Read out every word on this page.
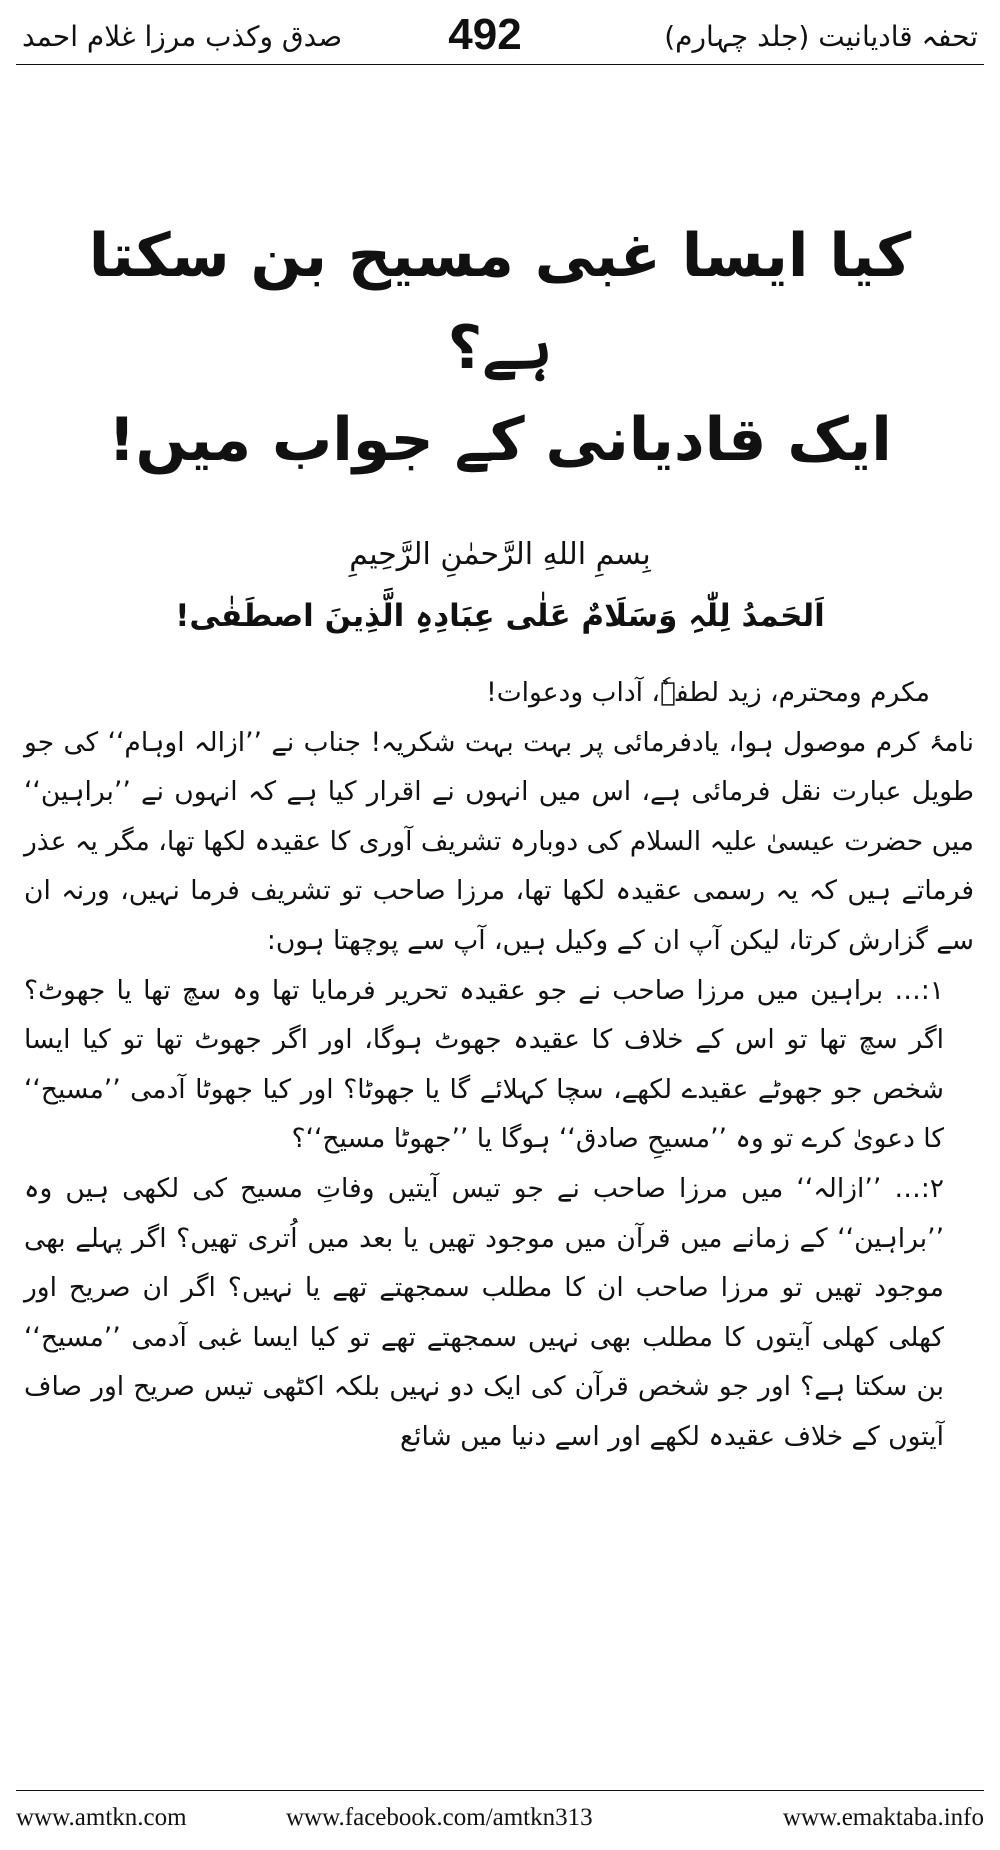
تحفہ قادیانیت (جلد چہارم)
492
صدق وکذب مرزا غلام احمد
کیا ایسا غبی مسیح بن سکتا ہے؟
ایک قادیانی کے جواب میں!
بِسمِ اللهِ الرَّحمٰنِ الرَّحِیمِ
اَلحَمدُ لِلّٰہِ وَسَلَامٌ عَلٰی عِبَادِہِ الَّذِینَ اصطَفٰی!

مکرم ومحترم، زید لطفہٗ، آداب ودعوات!

نامۂ کرم موصول ہوا، یادفرمائی پر بہت بہت شکریہ! جناب نے ’’ازالہ اوہام‘‘ کی جو طویل عبارت نقل فرمائی ہے، اس میں انہوں نے اقرار کیا ہے کہ انہوں نے ’’براہین‘‘ میں حضرت عیسیٰ علیہ السلام کی دوبارہ تشریف آوری کا عقیدہ لکھا تھا، مگر یہ عذر فرماتے ہیں کہ یہ رسمی عقیدہ لکھا تھا، مرزا صاحب تو تشریف فرما نہیں، ورنہ ان سے گزارش کرتا، لیکن آپ ان کے وکیل ہیں، آپ سے پوچھتا ہوں:

۱:… براہین میں مرزا صاحب نے جو عقیدہ تحریر فرمایا تھا وہ سچ تھا یا جھوٹ؟ اگر سچ تھا تو اس کے خلاف کا عقیدہ جھوٹ ہوگا، اور اگر جھوٹ تھا تو کیا ایسا شخص جو جھوٹے عقیدے لکھے، سچا کہلائے گا یا جھوٹا؟ اور کیا جھوٹا آدمی ’’مسیح‘‘ کا دعویٰ کرے تو وہ ’’مسیحِ صادق‘‘ ہوگا یا ’’جھوٹا مسیح‘‘؟

۲:… ’’ازالہ‘‘ میں مرزا صاحب نے جو تیس آیتیں وفاتِ مسیح کی لکھی ہیں وہ ’’براہین‘‘ کے زمانے میں قرآن میں موجود تھیں یا بعد میں اُتری تھیں؟ اگر پہلے بھی موجود تھیں تو مرزا صاحب ان کا مطلب سمجھتے تھے یا نہیں؟ اگر ان صریح اور کھلی کھلی آیتوں کا مطلب بھی نہیں سمجھتے تھے تو کیا ایسا غبی آدمی ’’مسیح‘‘ بن سکتا ہے؟ اور جو شخص قرآن کی ایک دو نہیں بلکہ اکٹھی تیس صریح اور صاف آیتوں کے خلاف عقیدہ لکھے اور اسے دنیا میں شائع

www.amtkn.com	www.facebook.com/amtkn313	www.emaktaba.info
